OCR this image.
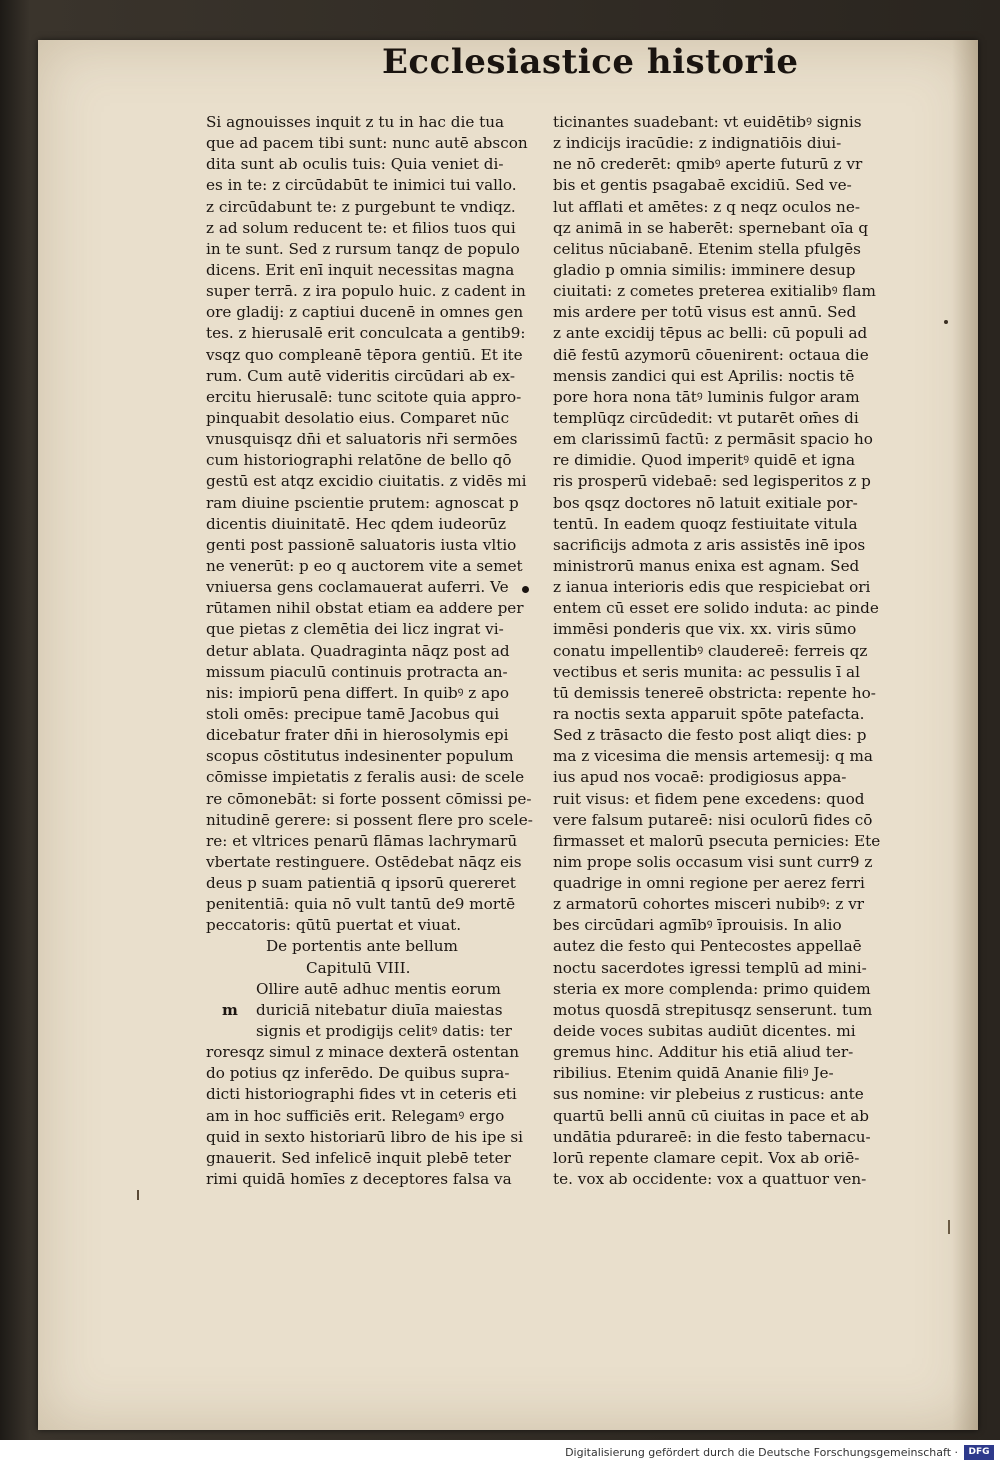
Ecclesiastice historie
Si agnouisses inquit z tu in hac die tua
que ad pacem tibi sunt: nunc autē abscon
dita sunt ab oculis tuis: Quia veniet di-
es in te: z circūdabūt te inimici tui vallo.
z circūdabunt te: z purgebunt te vndiqz.
z ad solum reducent te: et filios tuos qui
in te sunt. Sed z rursum tanqz de populo
dicens. Erit enī inquit necessitas magna
super terrā. z ira populo huic. z cadent in
ore gladij: z captiui ducenē in omnes gen
tes. z hierusalē erit conculcata a gentib9:
vsqz quo compleanē tēpora gentiū. Et ite
rum. Cum autē videritis circūdari ab ex-
ercitu hierusalē: tunc scitote quia appro-
pinquabit desolatio eius. Comparet nūc
vnusquisqz dn̄i et saluatoris nr̄i sermōes
cum historiographi relatōne de bello qō
gestū est atqz excidio ciuitatis. z vidēs mi
ram diuine pscientie prutem: agnoscat p
dicentis diuinitatē. Hec qdem iudeorūz
genti post passionē saluatoris iusta vltio
ne venerūt: p eo q auctorem vite a semet
vniuersa gens coclamauerat auferri. Ve
rūtamen nihil obstat etiam ea addere per
que pietas z clemētia dei licz ingrat vi-
detur ablata. Quadraginta nāqz post ad
missum piaculū continuis protracta an-
nis: impiorū pena differt. In quibꝰ z apo
stoli omēs: precipue tamē Jacobus qui
dicebatur frater dn̄i in hierosolymis epi
scopus cōstitutus indesinenter populum
cōmisse impietatis z feralis ausi: de scele
re cōmonebāt: si forte possent cōmissi pe-
nitudinē gerere: si possent flere pro scele-
re: et vltrices penarū flāmas lachrymarū
vbertate restinguere. Ostēdebat nāqz eis
deus p suam patientiā q ipsorū quereret
penitentiā: quia nō vult tantū de9 mortē
peccatoris: qūtū puertat et viuat.
De portentis ante bellum
Capitulū VIII.
Ollire autē adhuc mentis eorum
duriciā nitebatur diuīa maiestas
m
signis et prodigijs celitꝰ datis: ter
roresqz simul z minace dexterā ostentan
do potius qz inferēdo. De quibus supra-
dicti historiographi fides vt in ceteris eti
am in hoc sufficiēs erit. Relegamꝰ ergo
quid in sexto historiarū libro de his ipe si
gnauerit. Sed infelicē inquit plebē teter
rimi quidā homīes z deceptores falsa va
ticinantes suadebant: vt euidētibꝰ signis
z indicijs iracūdie: z indignatiōis diui-
ne nō crederēt: qmibꝰ aperte futurū z vr
bis et gentis psagabaē excidiū. Sed ve-
lut afflati et amētes: z q neqz oculos ne-
qz animā in se haberēt: spernebant oīa q
celitus nūciabanē. Etenim stella pfulgēs
gladio p omnia similis: imminere desup
ciuitati: z cometes preterea exitialibꝰ flam
mis ardere per totū visus est annū. Sed
z ante excidij tēpus ac belli: cū populi ad
diē festū azymorū cōuenirent: octaua die
mensis zandici qui est Aprilis: noctis tē
pore hora nona tātꝰ luminis fulgor aram
templūqz circūdedit: vt putarēt om̄es di
em clarissimū factū: z permāsit spacio ho
re dimidie. Quod imperitꝰ quidē et igna
ris prosperū videbaē: sed legisperitos z p
bos qsqz doctores nō latuit exitiale por-
tentū. In eadem quoqz festiuitate vitula
sacrificijs admota z aris assistēs inē ipos
ministrorū manus enixa est agnam. Sed
z ianua interioris edis que respiciebat ori
entem cū esset ere solido induta: ac pinde
immēsi ponderis que vix. xx. viris sūmo
conatu impellentibꝰ claudereē: ferreis qz
vectibus et seris munita: ac pessulis ī al
tū demissis tenereē obstricta: repente ho-
ra noctis sexta apparuit spōte patefacta.
Sed z trāsacto die festo post aliqt dies: p
ma z vicesima die mensis artemesij: q ma
ius apud nos vocaē: prodigiosus appa-
ruit visus: et fidem pene excedens: quod
vere falsum putareē: nisi oculorū fides cō
firmasset et malorū psecuta pernicies: Ete
nim prope solis occasum visi sunt curr9 z
quadrige in omni regione per aerez ferri
z armatorū cohortes misceri nubibꝰ: z vr
bes circūdari agmībꝰ īprouisis. In alio
autez die festo qui Pentecostes appellaē
noctu sacerdotes igressi templū ad mini-
steria ex more complenda: primo quidem
motus quosdā strepitusqz senserunt. tum
deide voces subitas audiūt dicentes. mi
gremus hinc. Additur his etiā aliud ter-
ribilius. Etenim quidā Ananie filiꝰ Je-
sus nomine: vir plebeius z rusticus: ante
quartū belli annū cū ciuitas in pace et ab
undātia pdurareē: in die festo tabernacu-
lorū repente clamare cepit. Vox ab oriē-
te. vox ab occidente: vox a quattuor ven-
Digitalisierung gefördert durch die Deutsche Forschungsgemeinschaft ·	DFG
